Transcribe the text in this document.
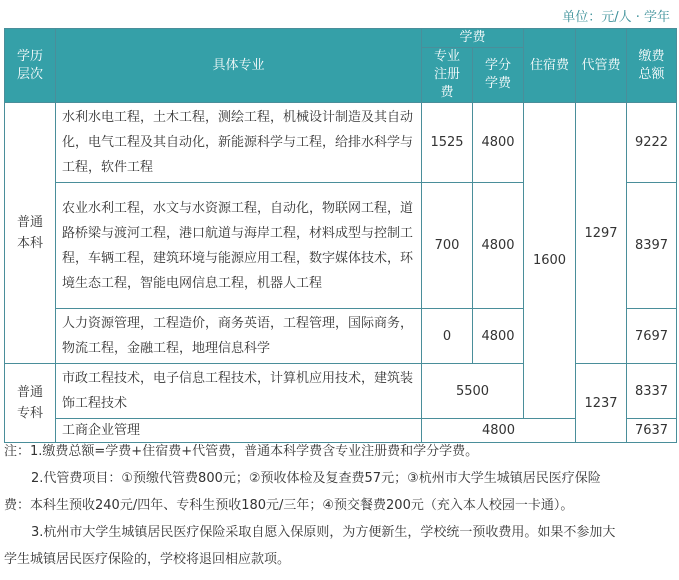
单位：元/人 · 学年
学历层次	具体专业	学费		住宿费	代管费	缴费总额
		专业注册费	学分学费			
普通本科	水利水电工程，土木工程，测绘工程，机械设计制造及其自动化，电气工程及其自动化，新能源科学与工程，给排水科学与工程，软件工程	1525	4800	1600	1297	9222
	农业水利工程，水文与水资源工程，自动化，物联网工程，道路桥梁与渡河工程，港口航道与海岸工程，材料成型与控制工程，车辆工程，建筑环境与能源应用工程，数字媒体技术，环境生态工程，智能电网信息工程，机器人工程	700	4800			8397
	人力资源管理，工程造价，商务英语，工程管理，国际商务，物流工程，金融工程，地理信息科学	0	4800			7697
普通专科	市政工程技术，电子信息工程技术，计算机应用技术，建筑装饰工程技术	5500			1237	8337
	工商企业管理	4800				7637

注：1.缴费总额=学费+住宿费+代管费，普通本科学费含专业注册费和学分学费。

2.代管费项目：①预缴代管费800元；②预收体检及复查费57元；③杭州市大学生城镇居民医疗保险

费：本科生预收240元/四年、专科生预收180元/三年；④预交餐费200元（充入本人校园一卡通）。

3.杭州市大学生城镇居民医疗保险采取自愿入保原则，为方便新生，学校统一预收费用。如果不参加大

学生城镇居民医疗保险的，学校将退回相应款项。
